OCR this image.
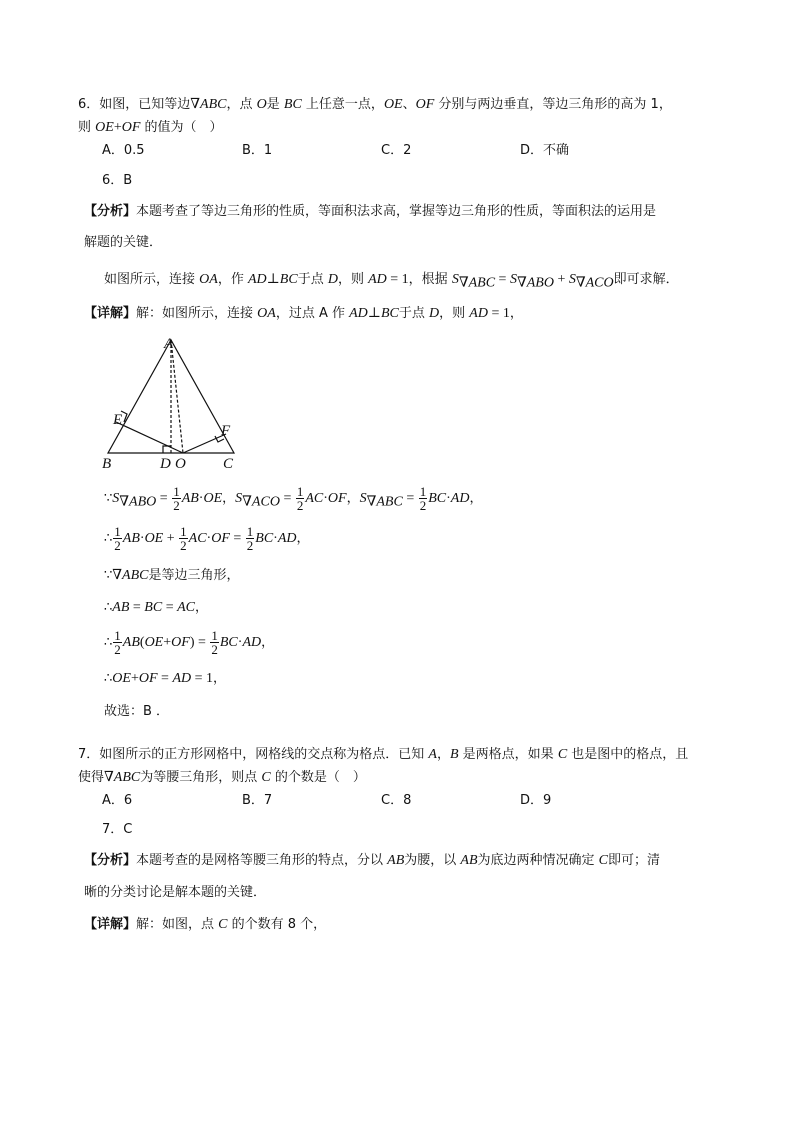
6．如图，已知等边∇ABC，点 O是 BC 上任意一点，OE、OF 分别与两边垂直，等边三角形的高为 1，
则 OE+OF 的值为（　）
A．0.5	B．1	C．2	D．不确
6．B
【分析】本题考查了等边三角形的性质，等面积法求高，掌握等边三角形的性质，等面积法的运用是
解题的关键．
如图所示，连接 OA，作 AD⊥BC于点 D，则 AD = 1，根据 $S_{\nabla ABC} = S_{\nabla ABO} + S_{\nabla ACO}$即可求解．
【详解】解：如图所示，连接 OA，过点 A 作 AD⊥BC于点 D，则 AD = 1，
A
B	C
D O
E
F
$\because S_{\nabla ABO} = \frac{1}{2} AB\cdot OE$，$S_{\nabla ACO} = \frac{1}{2} AC\cdot OF$，$S_{\nabla ABC} = \frac{1}{2} BC\cdot AD$，
∴ $\frac{1}{2} AB\cdot OE + \frac{1}{2} AC\cdot OF = \frac{1}{2} BC\cdot AD$，
∵∇ABC是等边三角形，
∴AB = BC = AC，
∴ $\frac{1}{2} AB(OE+OF) = \frac{1}{2} BC\cdot AD$，
∴OE+OF = AD = 1，
故选：B ．
7．如图所示的正方形网格中，网格线的交点称为格点．已知 A，B 是两格点，如果 C 也是图中的格点，且
使得∇ABC为等腰三角形，则点 C 的个数是（　）
A．6	B．7	C．8	D．9
7．C
【分析】本题考查的是网格等腰三角形的特点，分以 AB为腰，以 AB为底边两种情况确定 C即可；清
晰的分类讨论是解本题的关键．
【详解】解：如图，点 C 的个数有 8 个，
